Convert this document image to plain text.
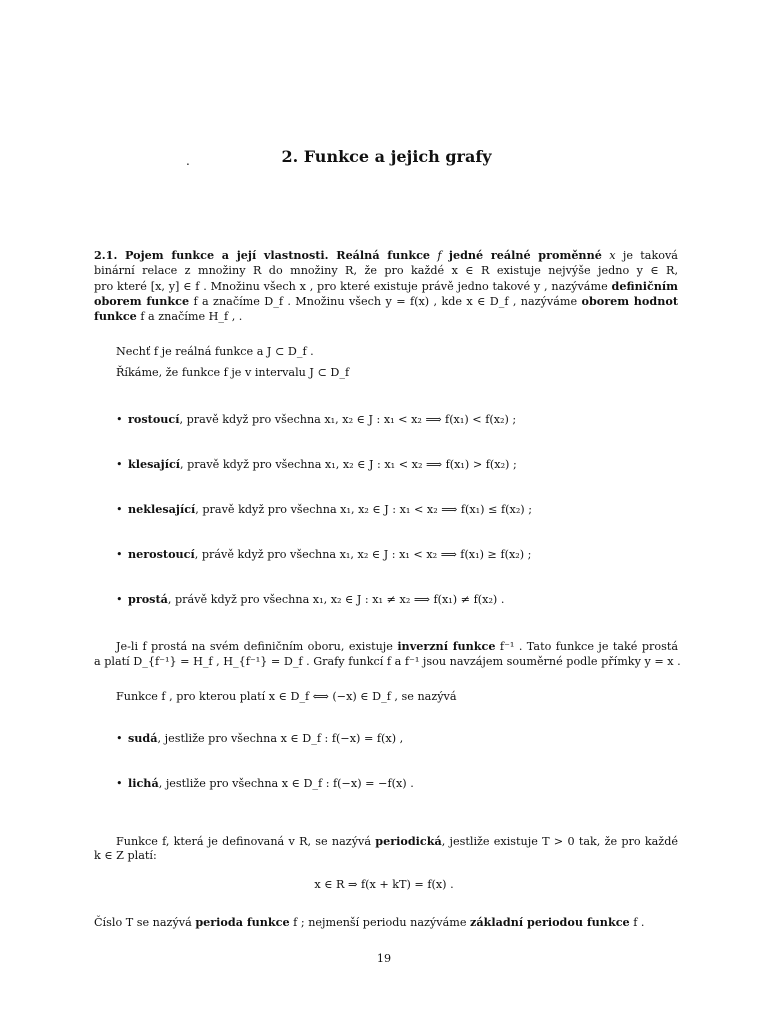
.	2. Funkce a jejich grafy
2.1. Pojem funkce a její vlastnosti. Reálná funkce f jedné reálné proměnné x je taková
binární relace z množiny R do množiny R, že pro každé x ∈ R existuje nejvýše jedno y ∈ R,
pro které [x, y] ∈ f . Množinu všech x , pro které existuje právě jedno takové y , nazýváme definičním
oborem funkce f a značíme D_f . Množinu všech y = f(x) , kde x ∈ D_f , nazýváme oborem hodnot
funkce f a značíme H_f , .
Nechť f je reálná funkce a J ⊂ D_f .
Říkáme, že funkce f je v intervalu J ⊂ D_f
• rostoucí, pravě když pro všechna x₁, x₂ ∈ J : x₁ < x₂ ⟹ f(x₁) < f(x₂) ;
• klesající, pravě když pro všechna x₁, x₂ ∈ J : x₁ < x₂ ⟹ f(x₁) > f(x₂) ;
• neklesající, pravě když pro všechna x₁, x₂ ∈ J : x₁ < x₂ ⟹ f(x₁) ≤ f(x₂) ;
• nerostoucí, právě když pro všechna x₁, x₂ ∈ J : x₁ < x₂ ⟹ f(x₁) ≥ f(x₂) ;
• prostá, právě když pro všechna x₁, x₂ ∈ J : x₁ ≠ x₂ ⟹ f(x₁) ≠ f(x₂) .
Je-li f prostá na svém definičním oboru, existuje inverzní funkce f⁻¹ . Tato funkce je také prostá
a platí D_{f⁻¹} = H_f , H_{f⁻¹} = D_f . Grafy funkcí f a f⁻¹ jsou navzájem souměrné podle přímky y = x .
Funkce f , pro kterou platí x ∈ D_f ⟺ (−x) ∈ D_f , se nazývá
• sudá, jestliže pro všechna x ∈ D_f : f(−x) = f(x) ,
• lichá, jestliže pro všechna x ∈ D_f : f(−x) = −f(x) .
Funkce f, která je definovaná v R, se nazývá periodická, jestliže existuje T > 0 tak, že pro každé
k ∈ Z platí:
x ∈ R ⇒ f(x + kT) = f(x) .
Číslo T se nazývá perioda funkce f ; nejmenší periodu nazýváme základní periodou funkce f .
19
